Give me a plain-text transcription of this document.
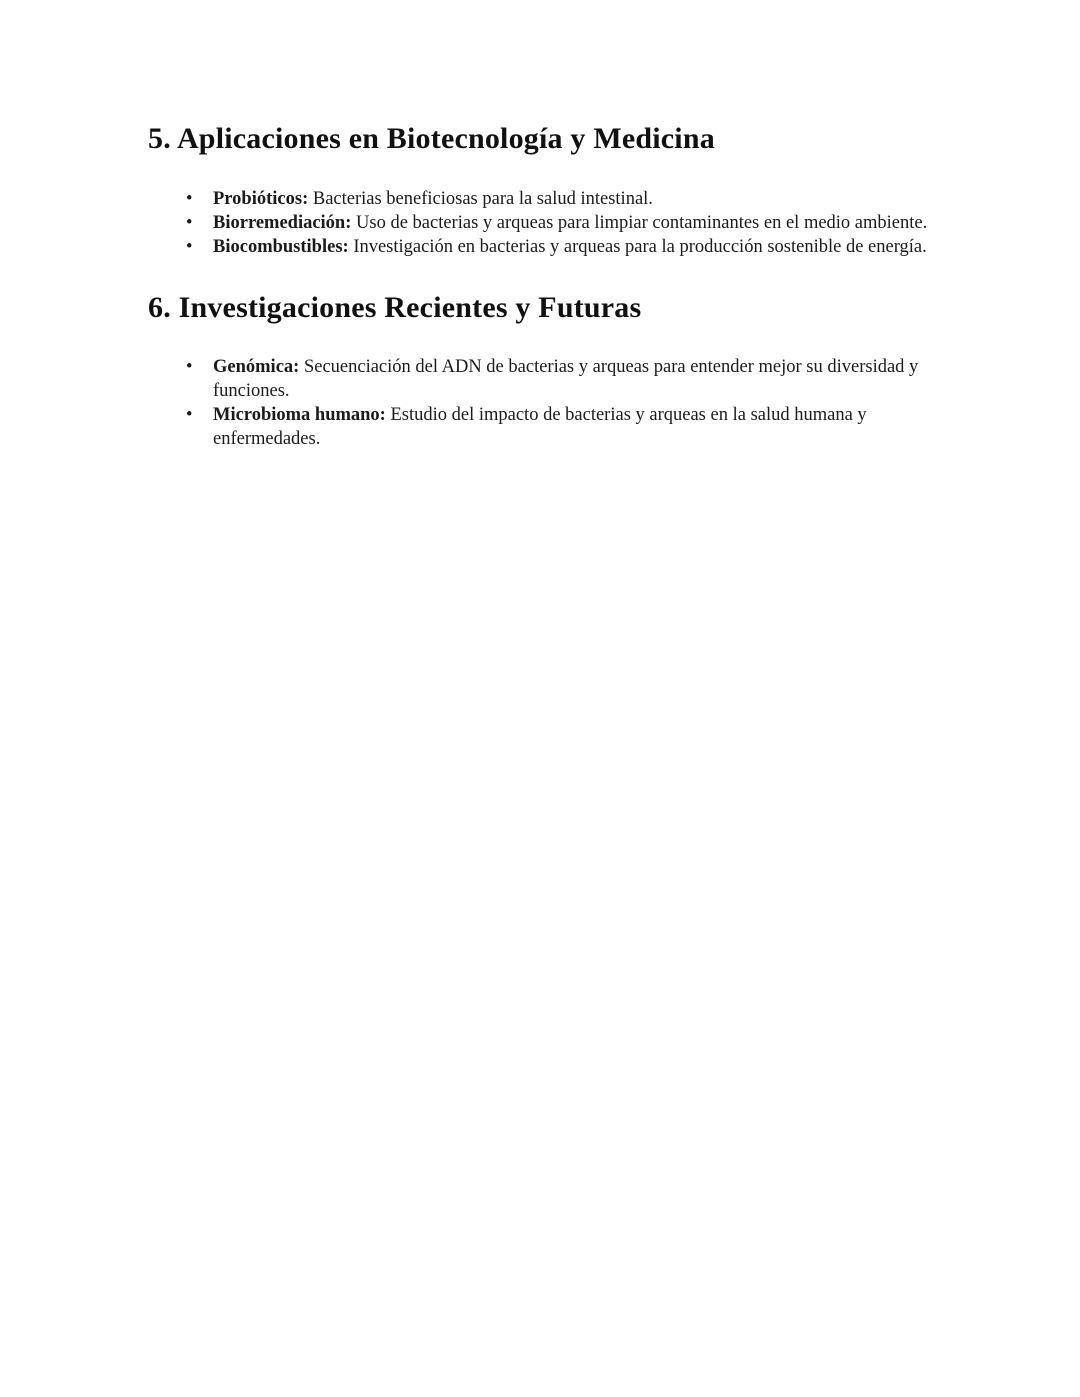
5. Aplicaciones en Biotecnología y Medicina
• Probióticos: Bacterias beneficiosas para la salud intestinal.
• Biorremediación: Uso de bacterias y arqueas para limpiar contaminantes en el medio ambiente.
• Biocombustibles: Investigación en bacterias y arqueas para la producción sostenible de energía.
6. Investigaciones Recientes y Futuras
• Genómica: Secuenciación del ADN de bacterias y arqueas para entender mejor su diversidad y funciones.
• Microbioma humano: Estudio del impacto de bacterias y arqueas en la salud humana y enfermedades.
